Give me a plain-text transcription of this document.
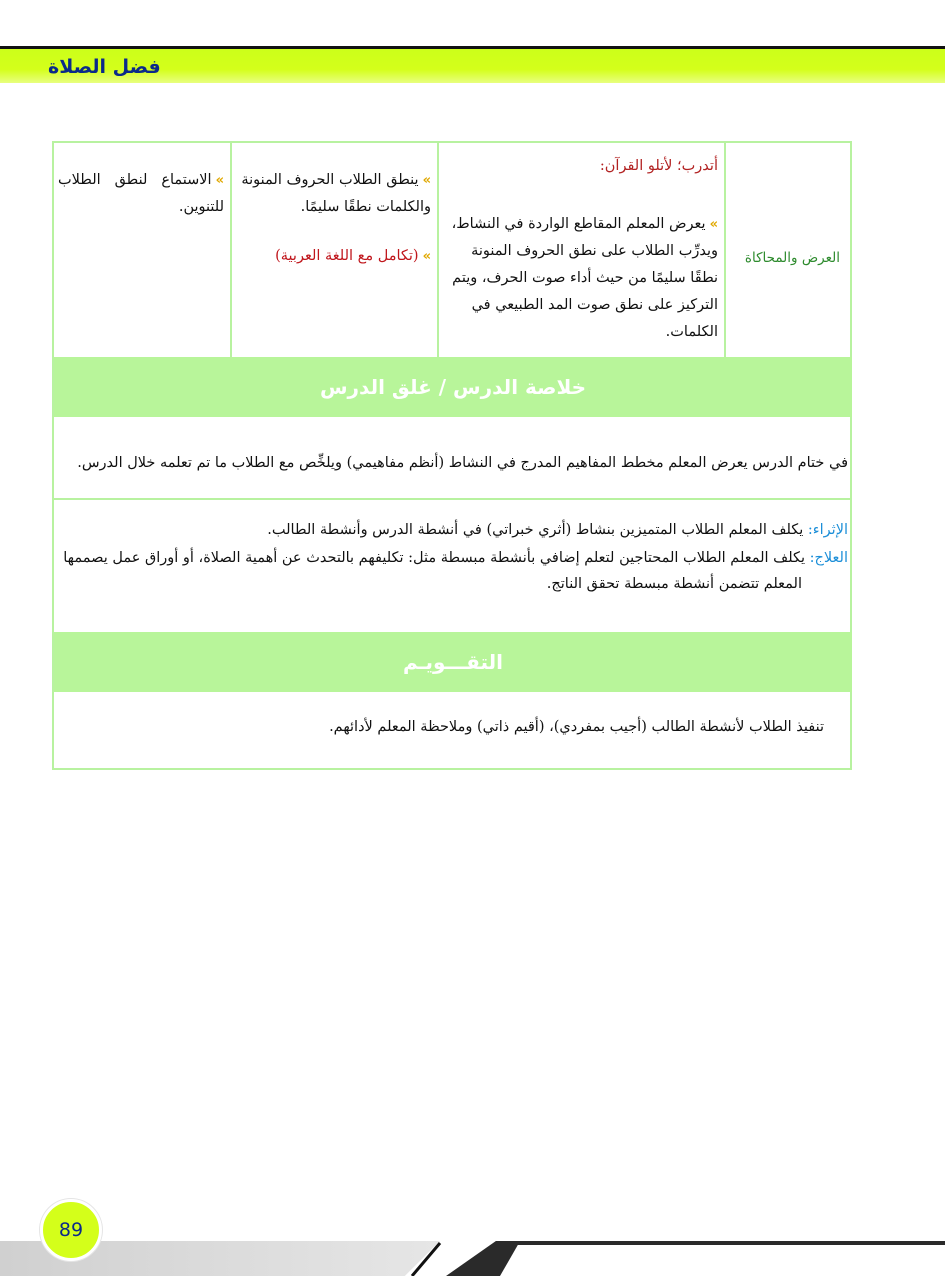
فضل الصلاة
العرض والمحاكاة
أتدرب؛ لأتلو القرآن:
»يعرض المعلم المقاطع الواردة في النشاط، ويدرِّب الطلاب على نطق الحروف المنونة نطقًا سليمًا من حيث أداء صوت الحرف، ويتم التركيز على نطق صوت المد الطبيعي في الكلمات.
»ينطق الطلاب الحروف المنونة والكلمات نطقًا سليمًا.
»(تكامل مع اللغة العربية)
»الاستماع لنطق الطلاب للتنوين.
خلاصة الدرس / غلق الدرس
في ختام الدرس يعرض المعلم مخطط المفاهيم المدرج في النشاط (أنظم مفاهيمي) ويلخِّص مع الطلاب ما تم تعلمه خلال الدرس.
الإثراء: يكلف المعلم الطلاب المتميزين بنشاط (أثري خبراتي) في أنشطة الدرس وأنشطة الطالب.
العلاج: يكلف المعلم الطلاب المحتاجين لتعلم إضافي بأنشطة مبسطة مثل: تكليفهم بالتحدث عن أهمية الصلاة، أو أوراق عمل يصممها
المعلم تتضمن أنشطة مبسطة تحقق الناتج.
التقـــويـم
تنفيذ الطلاب لأنشطة الطالب (أجيب بمفردي)، (أقيم ذاتي) وملاحظة المعلم لأدائهم.
89
